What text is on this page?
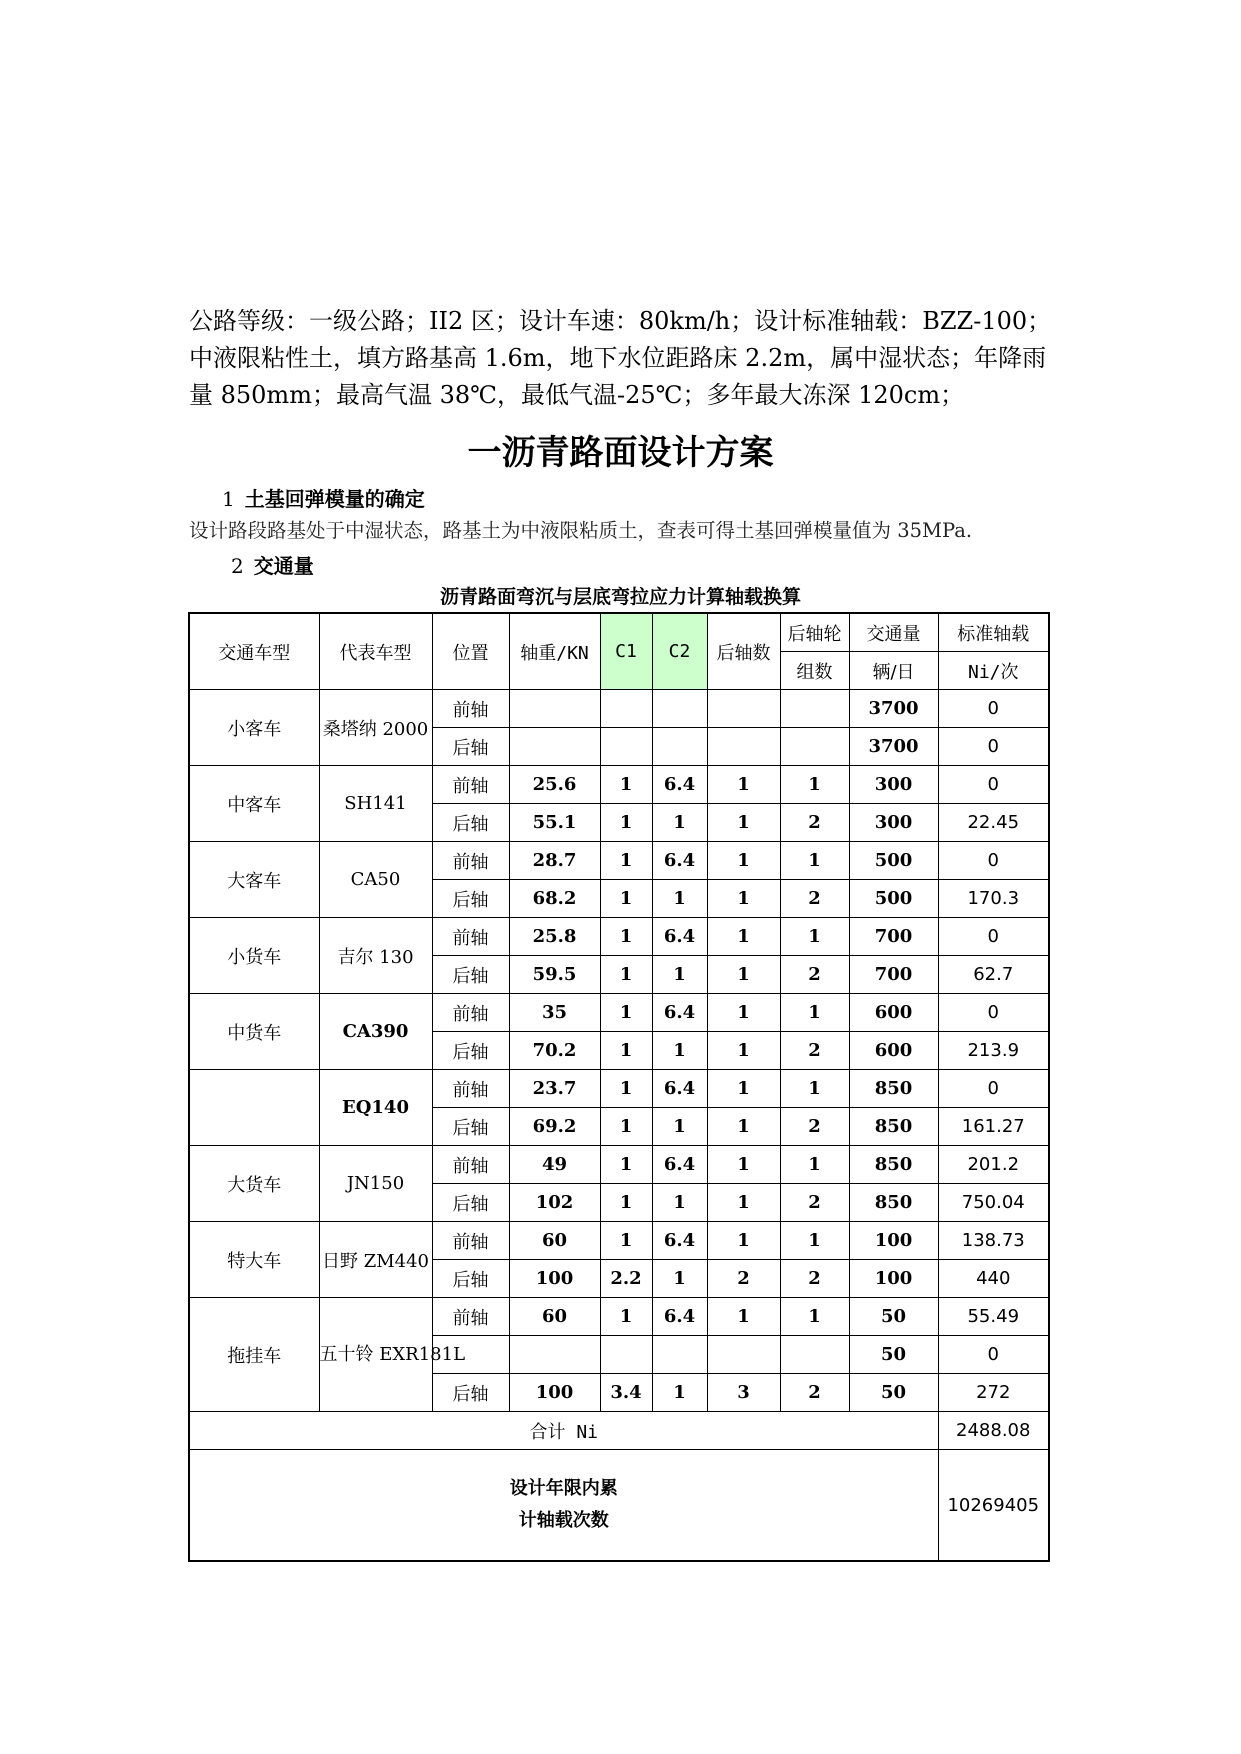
公路等级：一级公路；II2 区；设计车速：80km/h；设计标准轴载：BZZ-100；
中液限粘性土，填方路基高 1.6m，地下水位距路床 2.2m，属中湿状态；年降雨
量 850mm；最高气温 38℃，最低气温-25℃；多年最大冻深 120cm；

一沥青路面设计方案

1 土基回弹模量的确定

设计路段路基处于中湿状态，路基土为中液限粘质土，查表可得土基回弹模量值为 35MPa.

2 交通量

沥青路面弯沉与层底弯拉应力计算轴载换算

交通车型	代表车型	位置	轴重/KN	C1	C2	后轴数	后轴轮	交通量	标准轴载
							组数	辆/日	Ni/次
小客车	桑塔纳 2000	前轴						3700	0
		后轴						3700	0
中客车	SH141	前轴	25.6	1	6.4	1	1	300	0
		后轴	55.1	1	1	1	2	300	22.45
大客车	CA50	前轴	28.7	1	6.4	1	1	500	0
		后轴	68.2	1	1	1	2	500	170.3
小货车	吉尔 130	前轴	25.8	1	6.4	1	1	700	0
		后轴	59.5	1	1	1	2	700	62.7
中货车	CA390	前轴	35	1	6.4	1	1	600	0
		后轴	70.2	1	1	1	2	600	213.9
	EQ140	前轴	23.7	1	6.4	1	1	850	0
		后轴	69.2	1	1	1	2	850	161.27
大货车	JN150	前轴	49	1	6.4	1	1	850	201.2
		后轴	102	1	1	1	2	850	750.04
特大车	日野 ZM440	前轴	60	1	6.4	1	1	100	138.73
		后轴	100	2.2	1	2	2	100	440
拖挂车	五十铃 EXR181L	前轴	60	1	6.4	1	1	50	55.49
								50	0
		后轴	100	3.4	1	3	2	50	272
合计 Ni									2488.08

设计年限内累
计轴载次数									10269405
